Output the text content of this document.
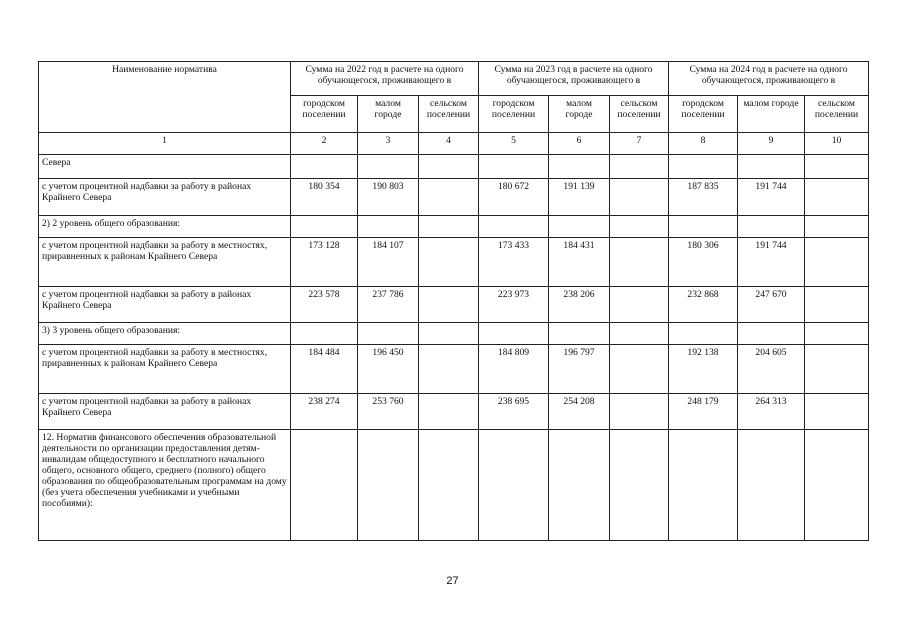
Наименование норматива	Сумма на 2022 год в расчете на одного обучающегося, проживающего в			Сумма на 2023 год в расчете на одного обучающегося, проживающего в			Сумма на 2024 год в расчете на одного обучающегося, проживающего в		
	городском поселении	малом городе	сельском поселении	городском поселении	малом городе	сельском поселении	городском поселении	малом городе	сельском поселении
1	2	3	4	5	6	7	8	9	10
Севера									
с учетом процентной надбавки за работу в районах Крайнего Севера	180 354	190 803		180 672	191 139		187 835	191 744	
2) 2 уровень общего образования:									
с учетом процентной надбавки за работу в местностях, приравненных к районам Крайнего Севера	173 128	184 107		173 433	184 431		180 306	191 744	
с учетом процентной надбавки за работу в районах Крайнего Севера	223 578	237 786		223 973	238 206		232 868	247 670	
3) 3 уровень общего образования:									
с учетом процентной надбавки за работу в местностях, приравненных к районам Крайнего Севера	184 484	196 450		184 809	196 797		192 138	204 605	
с учетом процентной надбавки за работу в районах Крайнего Севера	238 274	253 760		238 695	254 208		248 179	264 313	
12. Норматив финансового обеспечения образовательной деятельности по организации предоставления детям-инвалидам общедоступного и бесплатного начального общего, основного общего, среднего (полного) общего образования по общеобразовательным программам на дому (без учета обеспечения учебниками и учебными пособиями):									
27
